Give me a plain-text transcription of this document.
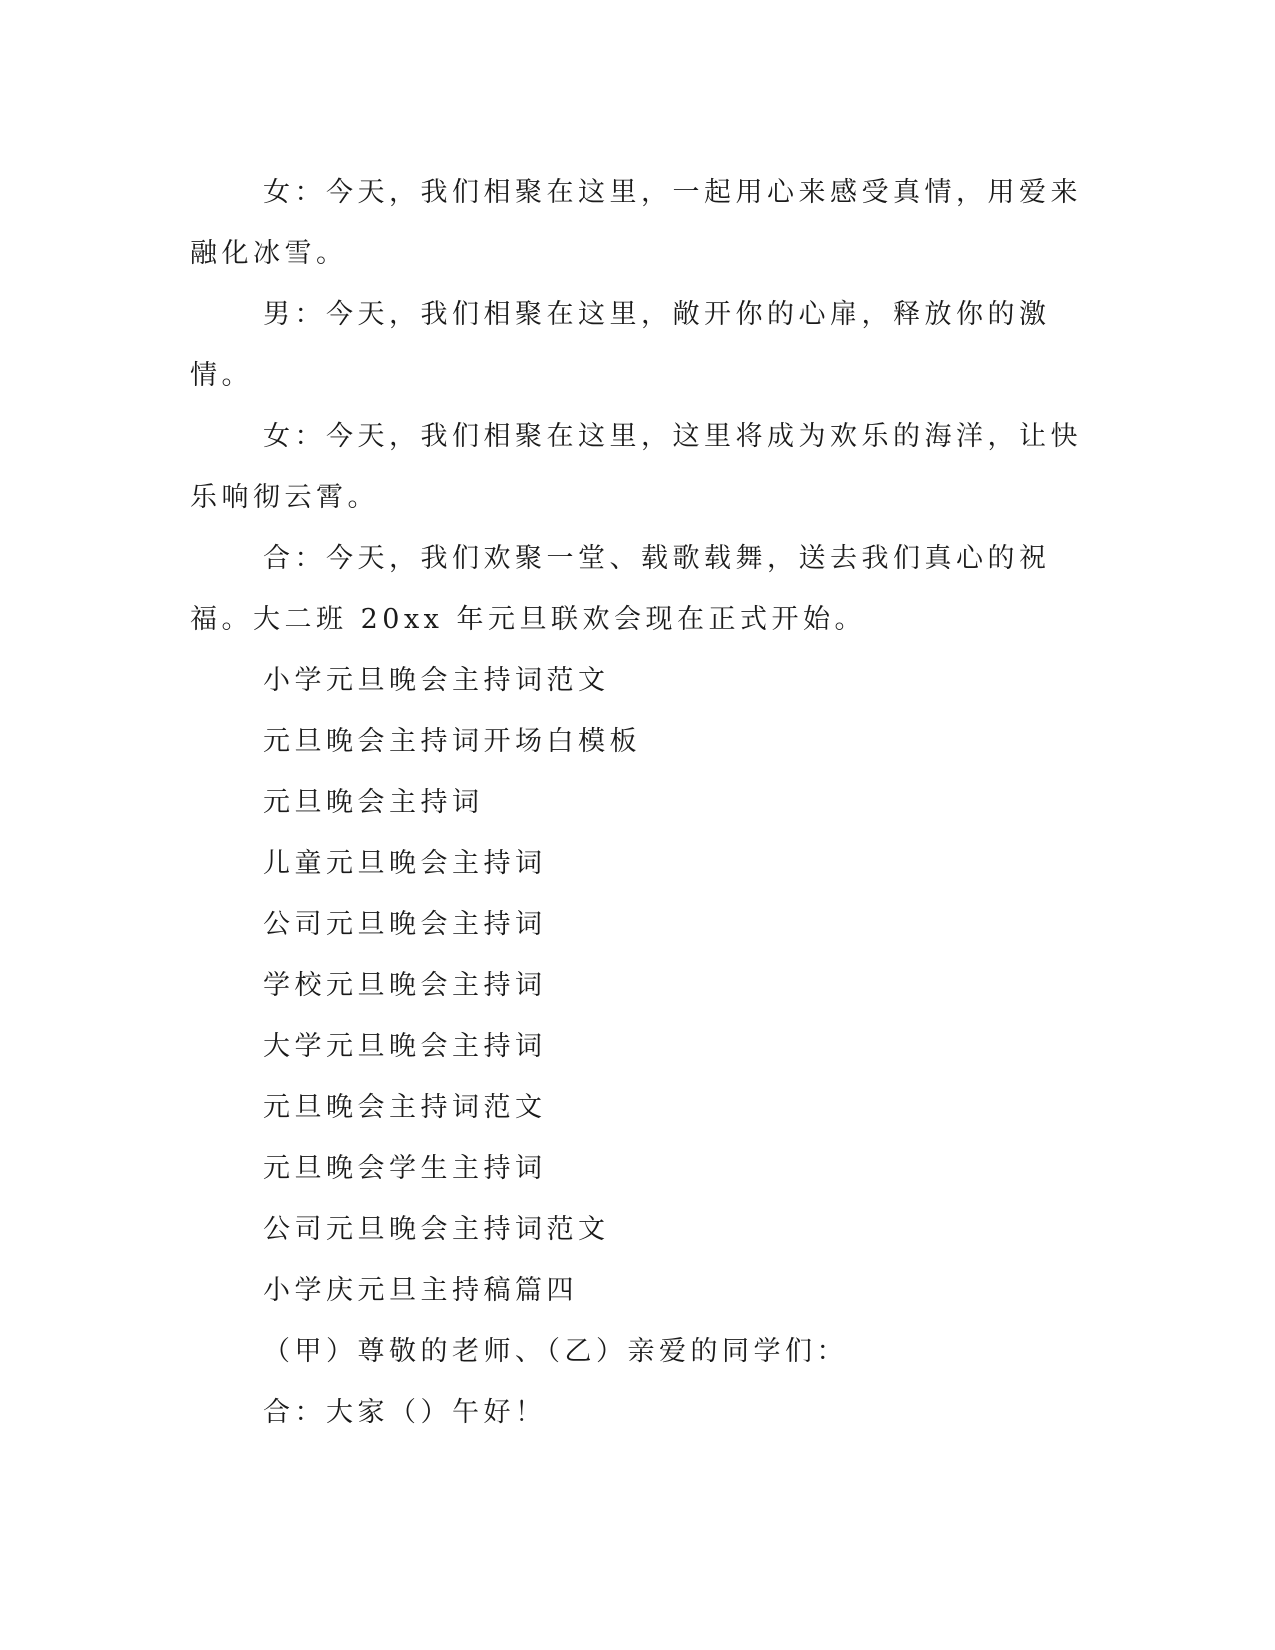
女：今天，我们相聚在这里，一起用心来感受真情，用爱来融化冰雪。

男：今天，我们相聚在这里，敞开你的心扉，释放你的激情。

女：今天，我们相聚在这里，这里将成为欢乐的海洋，让快乐响彻云霄。

合：今天，我们欢聚一堂、载歌载舞，送去我们真心的祝福。大二班 20xx 年元旦联欢会现在正式开始。

小学元旦晚会主持词范文

元旦晚会主持词开场白模板

元旦晚会主持词

儿童元旦晚会主持词

公司元旦晚会主持词

学校元旦晚会主持词

大学元旦晚会主持词

元旦晚会主持词范文

元旦晚会学生主持词

公司元旦晚会主持词范文

小学庆元旦主持稿篇四

（甲）尊敬的老师、（乙）亲爱的同学们：

合：大家（）午好！
